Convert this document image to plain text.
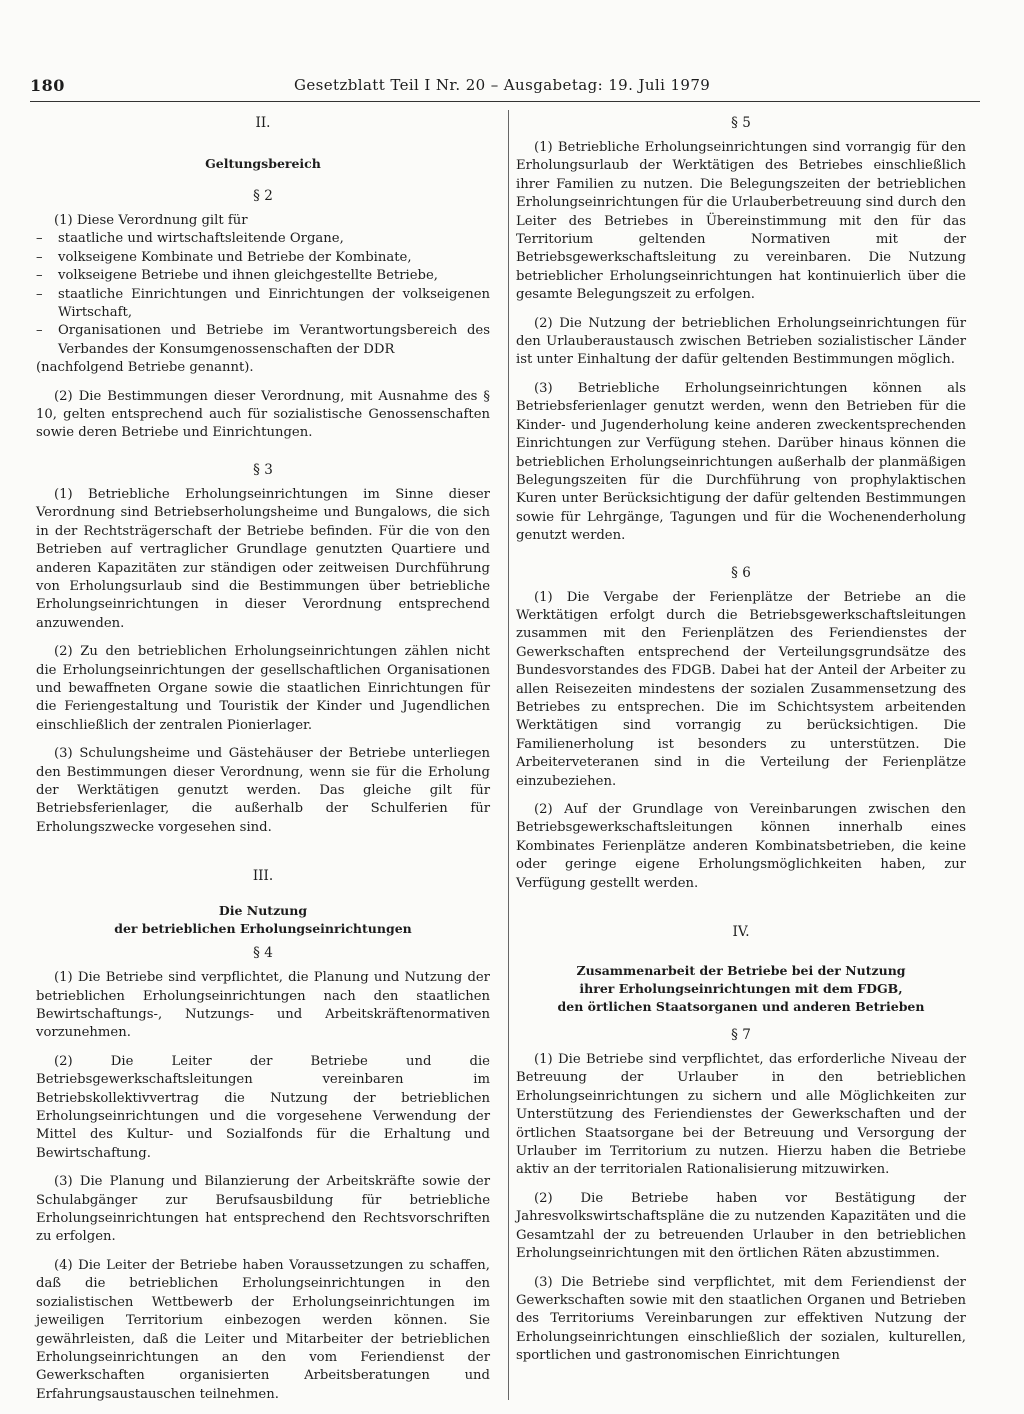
180	Gesetzblatt Teil I Nr. 20 – Ausgabetag: 19. Juli 1979
II.
Geltungsbereich
§ 2

(1) Diese Verordnung gilt für

– staatliche und wirtschaftsleitende Organe,
– volkseigene Kombinate und Betriebe der Kombinate,
– volkseigene Betriebe und ihnen gleichgestellte Betriebe,
– staatliche Einrichtungen und Einrichtungen der volkseigenen Wirtschaft,
– Organisationen und Betriebe im Verantwortungsbereich des Verbandes der Konsumgenossenschaften der DDR

(nachfolgend Betriebe genannt).

(2) Die Bestimmungen dieser Verordnung, mit Ausnahme des § 10, gelten entsprechend auch für sozialistische Genossenschaften sowie deren Betriebe und Einrichtungen.

§ 3

(1) Betriebliche Erholungseinrichtungen im Sinne dieser Verordnung sind Betriebserholungsheime und Bungalows, die sich in der Rechtsträgerschaft der Betriebe befinden. Für die von den Betrieben auf vertraglicher Grundlage genutzten Quartiere und anderen Kapazitäten zur ständigen oder zeitweisen Durchführung von Erholungsurlaub sind die Bestimmungen über betriebliche Erholungseinrichtungen in dieser Verordnung entsprechend anzuwenden.

(2) Zu den betrieblichen Erholungseinrichtungen zählen nicht die Erholungseinrichtungen der gesellschaftlichen Organisationen und bewaffneten Organe sowie die staatlichen Einrichtungen für die Feriengestaltung und Touristik der Kinder und Jugendlichen einschließlich der zentralen Pionierlager.

(3) Schulungsheime und Gästehäuser der Betriebe unterliegen den Bestimmungen dieser Verordnung, wenn sie für die Erholung der Werktätigen genutzt werden. Das gleiche gilt für Betriebsferienlager, die außerhalb der Schulferien für Erholungszwecke vorgesehen sind.

III.
Die Nutzung
der betrieblichen Erholungseinrichtungen
§ 4

(1) Die Betriebe sind verpflichtet, die Planung und Nutzung der betrieblichen Erholungseinrichtungen nach den staatlichen Bewirtschaftungs-, Nutzungs- und Arbeitskräftenormativen vorzunehmen.

(2) Die Leiter der Betriebe und die Betriebsgewerkschaftsleitungen vereinbaren im Betriebskollektivvertrag die Nutzung der betrieblichen Erholungseinrichtungen und die vorgesehene Verwendung der Mittel des Kultur- und Sozialfonds für die Erhaltung und Bewirtschaftung.

(3) Die Planung und Bilanzierung der Arbeitskräfte sowie der Schulabgänger zur Berufsausbildung für betriebliche Erholungseinrichtungen hat entsprechend den Rechtsvorschriften zu erfolgen.

(4) Die Leiter der Betriebe haben Voraussetzungen zu schaffen, daß die betrieblichen Erholungseinrichtungen in den sozialistischen Wettbewerb der Erholungseinrichtungen im jeweiligen Territorium einbezogen werden können. Sie gewährleisten, daß die Leiter und Mitarbeiter der betrieblichen Erholungseinrichtungen an den vom Feriendienst der Gewerkschaften organisierten Arbeitsberatungen und Erfahrungsaustauschen teilnehmen.

§ 5

(1) Betriebliche Erholungseinrichtungen sind vorrangig für den Erholungsurlaub der Werktätigen des Betriebes einschließlich ihrer Familien zu nutzen. Die Belegungszeiten der betrieblichen Erholungseinrichtungen für die Urlauberbetreuung sind durch den Leiter des Betriebes in Übereinstimmung mit den für das Territorium geltenden Normativen mit der Betriebsgewerkschaftsleitung zu vereinbaren. Die Nutzung betrieblicher Erholungseinrichtungen hat kontinuierlich über die gesamte Belegungszeit zu erfolgen.

(2) Die Nutzung der betrieblichen Erholungseinrichtungen für den Urlauberaustausch zwischen Betrieben sozialistischer Länder ist unter Einhaltung der dafür geltenden Bestimmungen möglich.

(3) Betriebliche Erholungseinrichtungen können als Betriebsferienlager genutzt werden, wenn den Betrieben für die Kinder- und Jugenderholung keine anderen zweckentsprechenden Einrichtungen zur Verfügung stehen. Darüber hinaus können die betrieblichen Erholungseinrichtungen außerhalb der planmäßigen Belegungszeiten für die Durchführung von prophylaktischen Kuren unter Berücksichtigung der dafür geltenden Bestimmungen sowie für Lehrgänge, Tagungen und für die Wochenenderholung genutzt werden.

§ 6

(1) Die Vergabe der Ferienplätze der Betriebe an die Werktätigen erfolgt durch die Betriebsgewerkschaftsleitungen zusammen mit den Ferienplätzen des Feriendienstes der Gewerkschaften entsprechend der Verteilungsgrundsätze des Bundesvorstandes des FDGB. Dabei hat der Anteil der Arbeiter zu allen Reisezeiten mindestens der sozialen Zusammensetzung des Betriebes zu entsprechen. Die im Schichtsystem arbeitenden Werktätigen sind vorrangig zu berücksichtigen. Die Familienerholung ist besonders zu unterstützen. Die Arbeiterveteranen sind in die Verteilung der Ferienplätze einzubeziehen.

(2) Auf der Grundlage von Vereinbarungen zwischen den Betriebsgewerkschaftsleitungen können innerhalb eines Kombinates Ferienplätze anderen Kombinatsbetrieben, die keine oder geringe eigene Erholungsmöglichkeiten haben, zur Verfügung gestellt werden.

IV.
Zusammenarbeit der Betriebe bei der Nutzung
ihrer Erholungseinrichtungen mit dem FDGB,
den örtlichen Staatsorganen und anderen Betrieben
§ 7

(1) Die Betriebe sind verpflichtet, das erforderliche Niveau der Betreuung der Urlauber in den betrieblichen Erholungseinrichtungen zu sichern und alle Möglichkeiten zur Unterstützung des Feriendienstes der Gewerkschaften und der örtlichen Staatsorgane bei der Betreuung und Versorgung der Urlauber im Territorium zu nutzen. Hierzu haben die Betriebe aktiv an der territorialen Rationalisierung mitzuwirken.

(2) Die Betriebe haben vor Bestätigung der Jahresvolkswirtschaftspläne die zu nutzenden Kapazitäten und die Gesamtzahl der zu betreuenden Urlauber in den betrieblichen Erholungseinrichtungen mit den örtlichen Räten abzustimmen.

(3) Die Betriebe sind verpflichtet, mit dem Feriendienst der Gewerkschaften sowie mit den staatlichen Organen und Betrieben des Territoriums Vereinbarungen zur effektiven Nutzung der Erholungseinrichtungen einschließlich der sozialen, kulturellen, sportlichen und gastronomischen Einrichtungen
